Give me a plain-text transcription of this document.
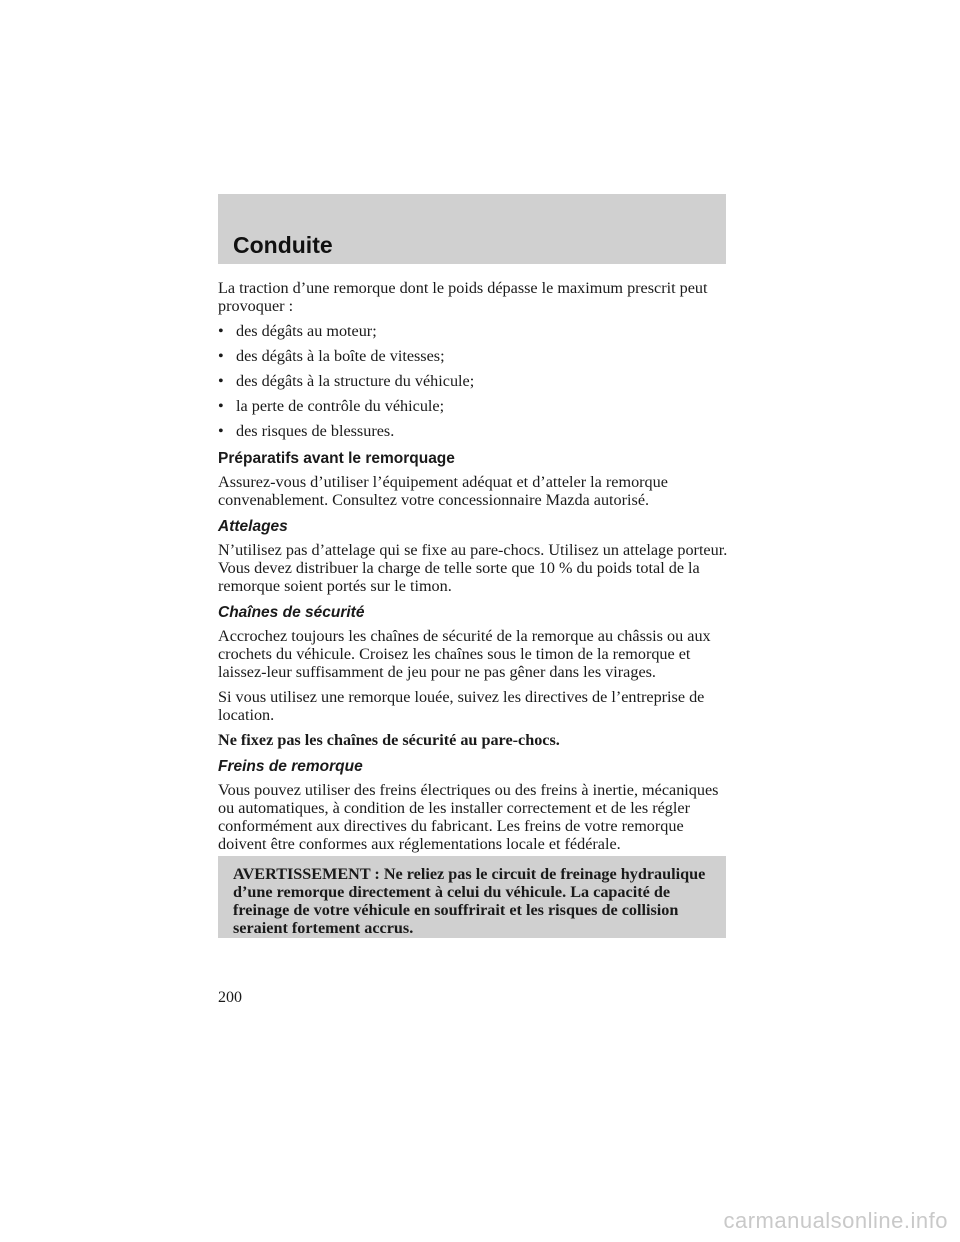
Conduite

La traction d’une remorque dont le poids dépasse le maximum prescrit peut provoquer :

• des dégâts au moteur;
• des dégâts à la boîte de vitesses;
• des dégâts à la structure du véhicule;
• la perte de contrôle du véhicule;
• des risques de blessures.
Préparatifs avant le remorquage

Assurez-vous d’utiliser l’équipement adéquat et d’atteler la remorque convenablement. Consultez votre concessionnaire Mazda autorisé.

Attelages

N’utilisez pas d’attelage qui se fixe au pare-chocs. Utilisez un attelage porteur. Vous devez distribuer la charge de telle sorte que 10 % du poids total de la remorque soient portés sur le timon.

Chaînes de sécurité

Accrochez toujours les chaînes de sécurité de la remorque au châssis ou aux crochets du véhicule. Croisez les chaînes sous le timon de la remorque et laissez-leur suffisamment de jeu pour ne pas gêner dans les virages.

Si vous utilisez une remorque louée, suivez les directives de l’entreprise de location.

Ne fixez pas les chaînes de sécurité au pare-chocs.

Freins de remorque

Vous pouvez utiliser des freins électriques ou des freins à inertie, mécaniques ou automatiques, à condition de les installer correctement et de les régler conformément aux directives du fabricant. Les freins de votre remorque doivent être conformes aux réglementations locale et fédérale.

AVERTISSEMENT : Ne reliez pas le circuit de freinage hydraulique d’une remorque directement à celui du véhicule. La capacité de freinage de votre véhicule en souffrirait et les risques de collision seraient fortement accrus.

200

carmanualsonline.info
